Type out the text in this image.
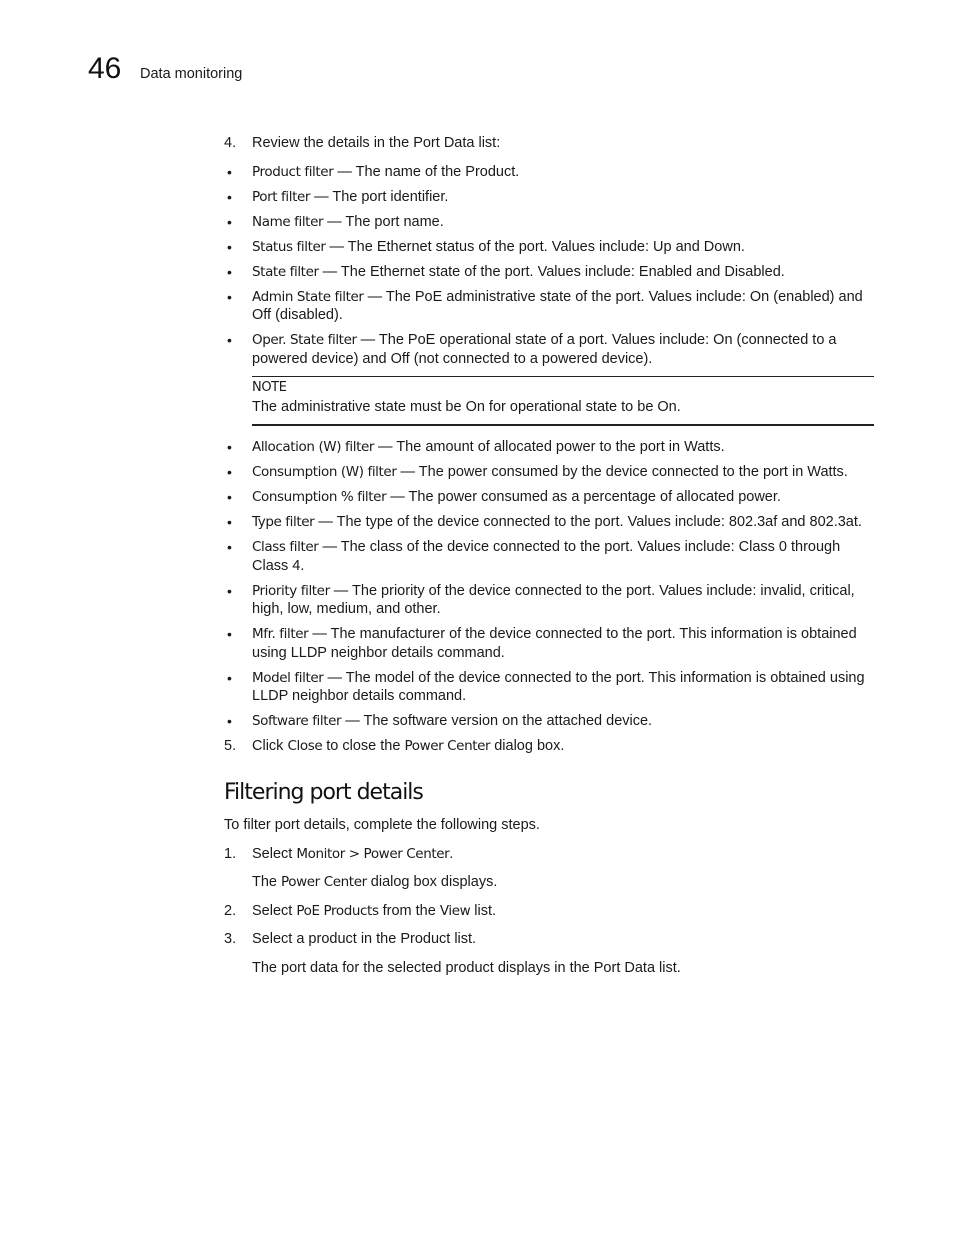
46 Data monitoring
4. Review the details in the Port Data list:
• Product filter — The name of the Product.
• Port filter — The port identifier.
• Name filter — The port name.
• Status filter — The Ethernet status of the port. Values include: Up and Down.
• State filter — The Ethernet state of the port. Values include: Enabled and Disabled.
• Admin State filter — The PoE administrative state of the port. Values include: On (enabled) and Off (disabled).
• Oper. State filter — The PoE operational state of a port. Values include: On (connected to a powered device) and Off (not connected to a powered device).
NOTE
The administrative state must be On for operational state to be On.
• Allocation (W) filter — The amount of allocated power to the port in Watts.
• Consumption (W) filter — The power consumed by the device connected to the port in Watts.
• Consumption % filter — The power consumed as a percentage of allocated power.
• Type filter — The type of the device connected to the port. Values include: 802.3af and 802.3at.
• Class filter — The class of the device connected to the port. Values include: Class 0 through Class 4.
• Priority filter — The priority of the device connected to the port. Values include: invalid, critical, high, low, medium, and other.
• Mfr. filter — The manufacturer of the device connected to the port. This information is obtained using LLDP neighbor details command.
• Model filter — The model of the device connected to the port. This information is obtained using LLDP neighbor details command.
• Software filter — The software version on the attached device.
5. Click Close to close the Power Center dialog box.
Filtering port details
To filter port details, complete the following steps.
1. Select Monitor > Power Center.
The Power Center dialog box displays.
2. Select PoE Products from the View list.
3. Select a product in the Product list.
The port data for the selected product displays in the Port Data list.
